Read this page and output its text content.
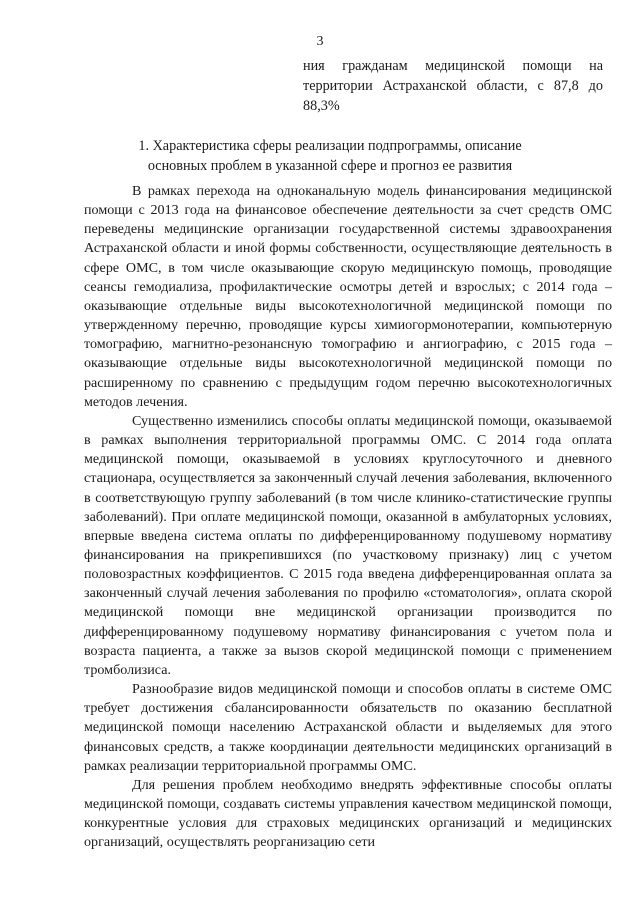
3
ния гражданам медицинской помощи на территории Астраханской области, с 87,8 до 88,3%
1. Характеристика сферы реализации подпрограммы, описание
основных проблем в указанной сфере и прогноз ее развития

В рамках перехода на одноканальную модель финансирования медицинской помощи с 2013 года на финансовое обеспечение деятельности за счет средств ОМС переведены медицинские организации государственной системы здравоохранения Астраханской области и иной формы собственности, осуществляющие деятельность в сфере ОМС, в том числе оказывающие скорую медицинскую помощь, проводящие сеансы гемодиализа, профилактические осмотры детей и взрослых; с 2014 года – оказывающие отдельные виды высокотехнологичной медицинской помощи по утвержденному перечню, проводящие курсы химиогормонотерапии, компьютерную томографию, магнитно-резонансную томографию и ангиографию, с 2015 года – оказывающие отдельные виды высокотехнологичной медицинской помощи по расширенному по сравнению с предыдущим годом перечню высокотехнологичных методов лечения.

Существенно изменились способы оплаты медицинской помощи, оказываемой в рамках выполнения территориальной программы ОМС. С 2014 года оплата медицинской помощи, оказываемой в условиях круглосуточного и дневного стационара, осуществляется за законченный случай лечения заболевания, включенного в соответствующую группу заболеваний (в том числе клинико-статистические группы заболеваний). При оплате медицинской помощи, оказанной в амбулаторных условиях, впервые введена система оплаты по дифференцированному подушевому нормативу финансирования на прикрепившихся (по участковому признаку) лиц с учетом половозрастных коэффициентов. С 2015 года введена дифференцированная оплата за законченный случай лечения заболевания по профилю «стоматология», оплата скорой медицинской помощи вне медицинской организации производится по дифференцированному подушевому нормативу финансирования с учетом пола и возраста пациента, а также за вызов скорой медицинской помощи с применением тромболизиса.

Разнообразие видов медицинской помощи и способов оплаты в системе ОМС требует достижения сбалансированности обязательств по оказанию бесплатной медицинской помощи населению Астраханской области и выделяемых для этого финансовых средств, а также координации деятельности медицинских организаций в рамках реализации территориальной программы ОМС.

Для решения проблем необходимо внедрять эффективные способы оплаты медицинской помощи, создавать системы управления качеством медицинской помощи, конкурентные условия для страховых медицинских организаций и медицинских организаций, осуществлять реорганизацию сети
